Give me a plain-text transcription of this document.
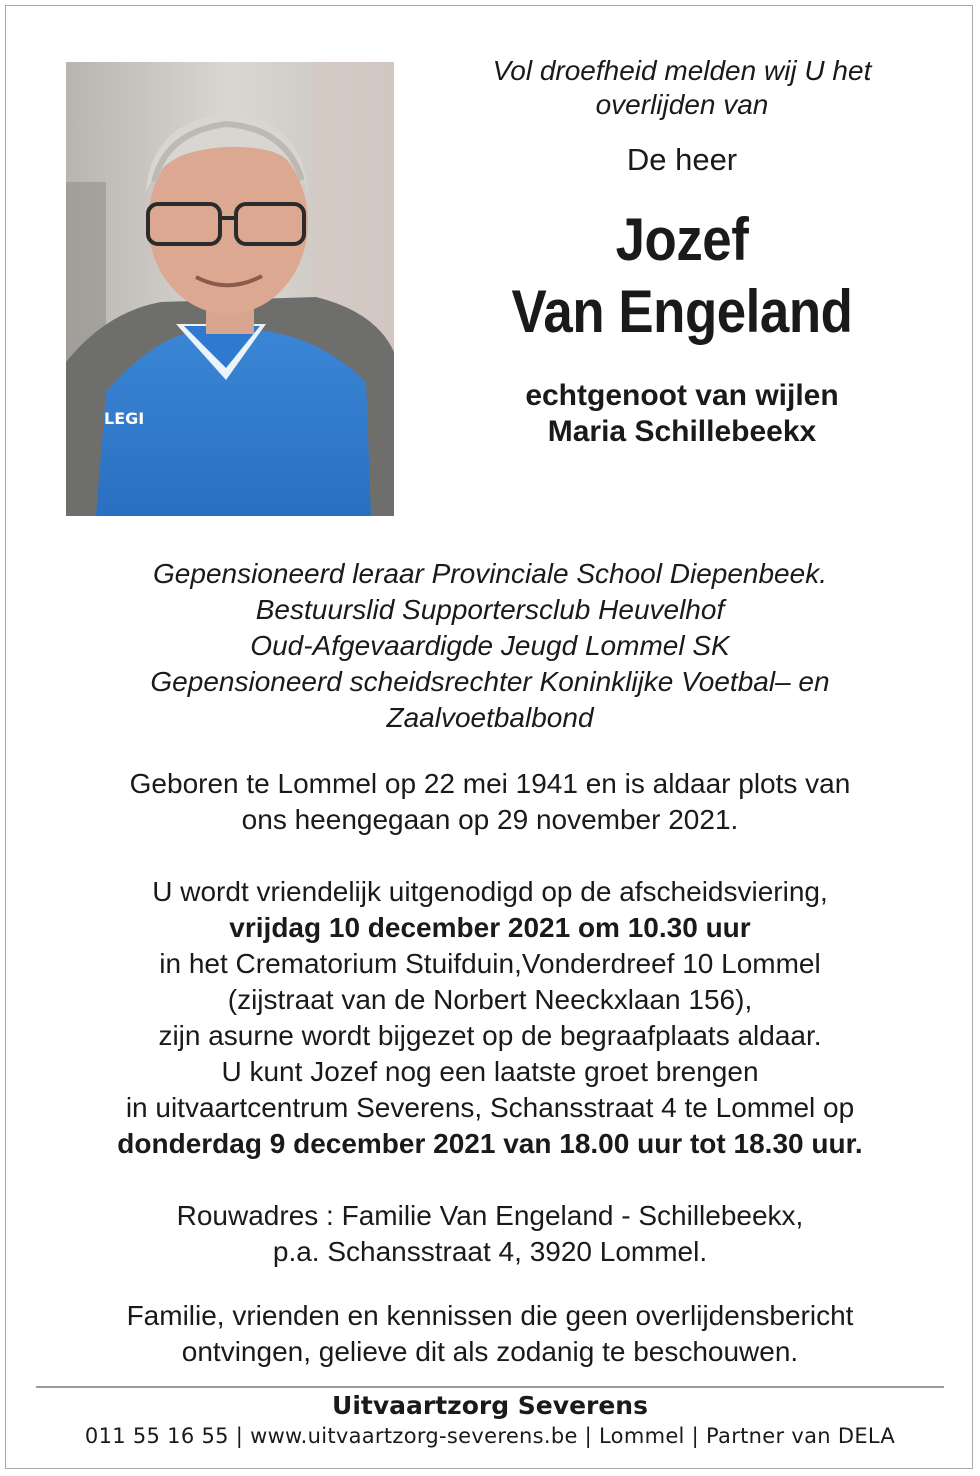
LEGI

Vol droefheid melden wij U het
overlijden van

De heer
Jozef
Van Engeland
echtgenoot van wijlen
Maria Schillebeekx
Gepensioneerd leraar Provinciale School Diepenbeek.
Bestuurslid Supportersclub Heuvelhof
Oud-Afgevaardigde Jeugd Lommel SK
Gepensioneerd scheidsrechter Koninklijke Voetbal– en
Zaalvoetbalbond
Geboren te Lommel op 22 mei 1941 en is aldaar plots van
ons heengegaan op 29 november 2021.
U wordt vriendelijk uitgenodigd op de afscheidsviering,
vrijdag 10 december 2021 om 10.30 uur
in het Crematorium Stuifduin,Vonderdreef 10 Lommel
(zijstraat van de Norbert Neeckxlaan 156),
zijn asurne wordt bijgezet op de begraafplaats aldaar.
U kunt Jozef nog een laatste groet brengen
in uitvaartcentrum Severens, Schansstraat 4 te Lommel op
donderdag 9 december 2021 van 18.00 uur tot 18.30 uur.
Rouwadres : Familie Van Engeland - Schillebeekx,
p.a. Schansstraat 4, 3920 Lommel.
Familie, vrienden en kennissen die geen overlijdensbericht
ontvingen, gelieve dit als zodanig te beschouwen.
Uitvaartzorg Severens
011 55 16 55 | www.uitvaartzorg-severens.be | Lommel | Partner van DELA
